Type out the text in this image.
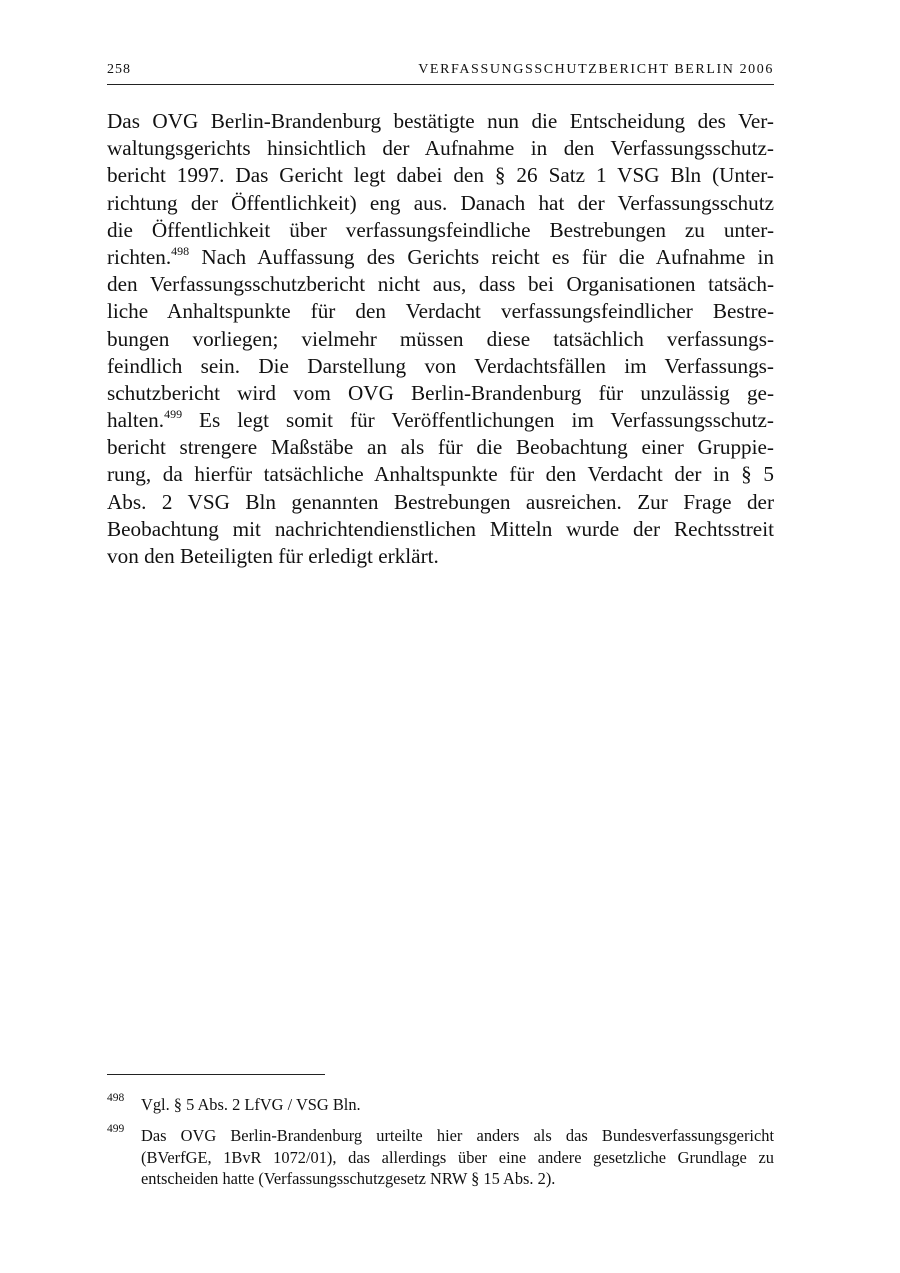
258	VERFASSUNGSSCHUTZBERICHT BERLIN 2006
Das OVG Berlin-Brandenburg bestätigte nun die Entscheidung des Ver-
waltungsgerichts hinsichtlich der Aufnahme in den Verfassungsschutz-
bericht 1997. Das Gericht legt dabei den § 26 Satz 1 VSG Bln (Unter-
richtung der Öffentlichkeit) eng aus. Danach hat der Verfassungsschutz
die Öffentlichkeit über verfassungsfeindliche Bestrebungen zu unter-
richten.$^{498}$ Nach Auffassung des Gerichts reicht es für die Aufnahme in
den Verfassungsschutzbericht nicht aus, dass bei Organisationen tatsäch-
liche Anhaltspunkte für den Verdacht verfassungsfeindlicher Bestre-
bungen vorliegen; vielmehr müssen diese tatsächlich verfassungs-
feindlich sein. Die Darstellung von Verdachtsfällen im Verfassungs-
schutzbericht wird vom OVG Berlin-Brandenburg für unzulässig ge-
halten.$^{499}$ Es legt somit für Veröffentlichungen im Verfassungsschutz-
bericht strengere Maßstäbe an als für die Beobachtung einer Gruppie-
rung, da hierfür tatsächliche Anhaltspunkte für den Verdacht der in § 5
Abs. 2 VSG Bln genannten Bestrebungen ausreichen. Zur Frage der
Beobachtung mit nachrichtendienstlichen Mitteln wurde der Rechtsstreit
von den Beteiligten für erledigt erklärt.
498 Vgl. § 5 Abs. 2 LfVG / VSG Bln.
499 Das OVG Berlin-Brandenburg urteilte hier anders als das Bundesverfassungsgericht
(BVerfGE, 1BvR 1072/01), das allerdings über eine andere gesetzliche Grundlage zu
entscheiden hatte (Verfassungsschutzgesetz NRW § 15 Abs. 2).
